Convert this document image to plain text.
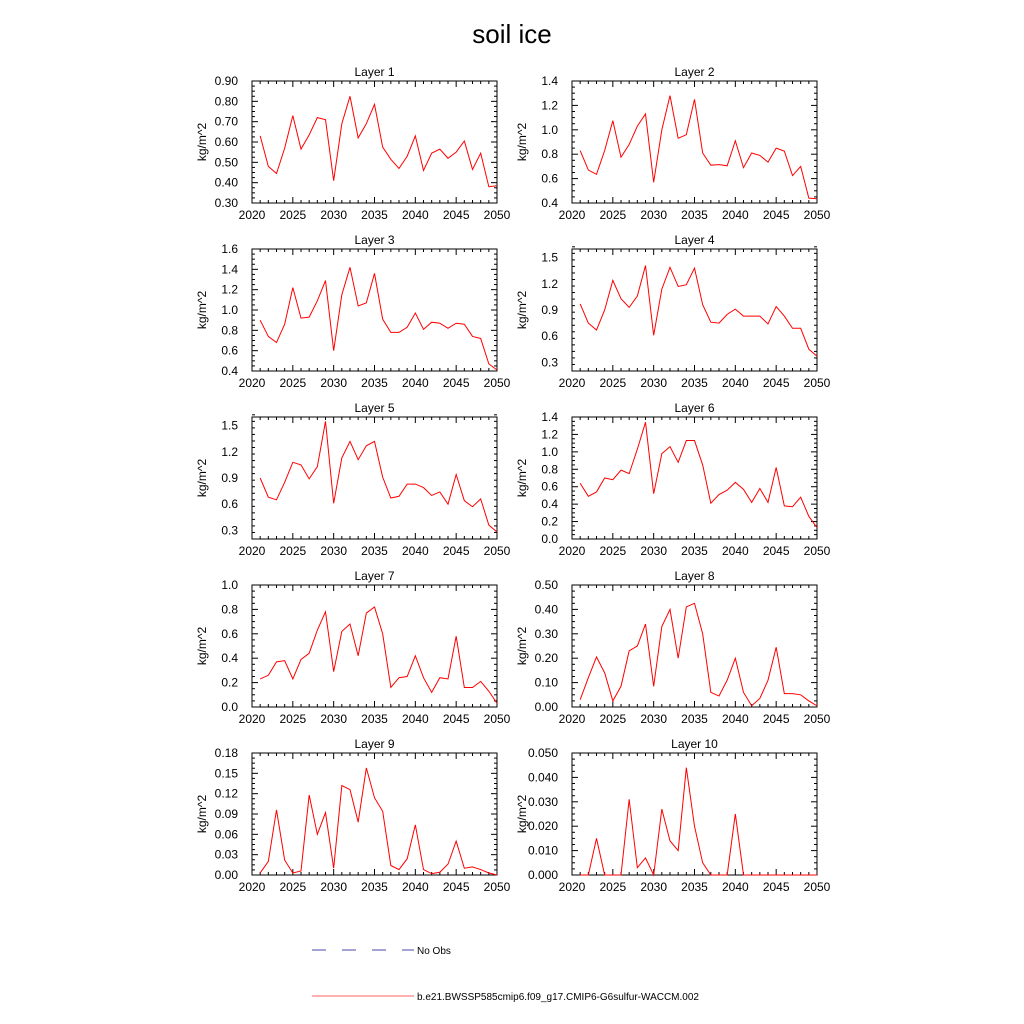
soil ice
Layer 1
kg/m^2
2020 2025 2030 2035 2040 2045 2050
0.30
0.40
0.50
0.60
0.70
0.80
0.90
Layer 2
kg/m^2
2020 2025 2030 2035 2040 2045 2050
0.4
0.6
0.8
1.0
1.2
1.4
Layer 3
kg/m^2
2020 2025 2030 2035 2040 2045 2050
0.4
0.6
0.8
1.0
1.2
1.4
1.6
Layer 4
kg/m^2
2020 2025 2030 2035 2040 2045 2050
0.3
0.6
0.9
1.2
1.5
Layer 5
kg/m^2
2020 2025 2030 2035 2040 2045 2050
0.3
0.6
0.9
1.2
1.5
Layer 6
kg/m^2
2020 2025 2030 2035 2040 2045 2050
0.0
0.2
0.4
0.6
0.8
1.0
1.2
1.4
Layer 7
kg/m^2
2020 2025 2030 2035 2040 2045 2050
0.0
0.2
0.4
0.6
0.8
1.0
Layer 8
kg/m^2
2020 2025 2030 2035 2040 2045 2050
0.00
0.10
0.20
0.30
0.40
0.50
Layer 9
kg/m^2
2020 2025 2030 2035 2040 2045 2050
0.00
0.03
0.06
0.09
0.12
0.15
0.18
Layer 10
kg/m^2
2020 2025 2030 2035 2040 2045 2050
0.000
0.010
0.020
0.030
0.040
0.050
No Obs
b.e21.BWSSP585cmip6.f09_g17.CMIP6-G6sulfur-WACCM.002
